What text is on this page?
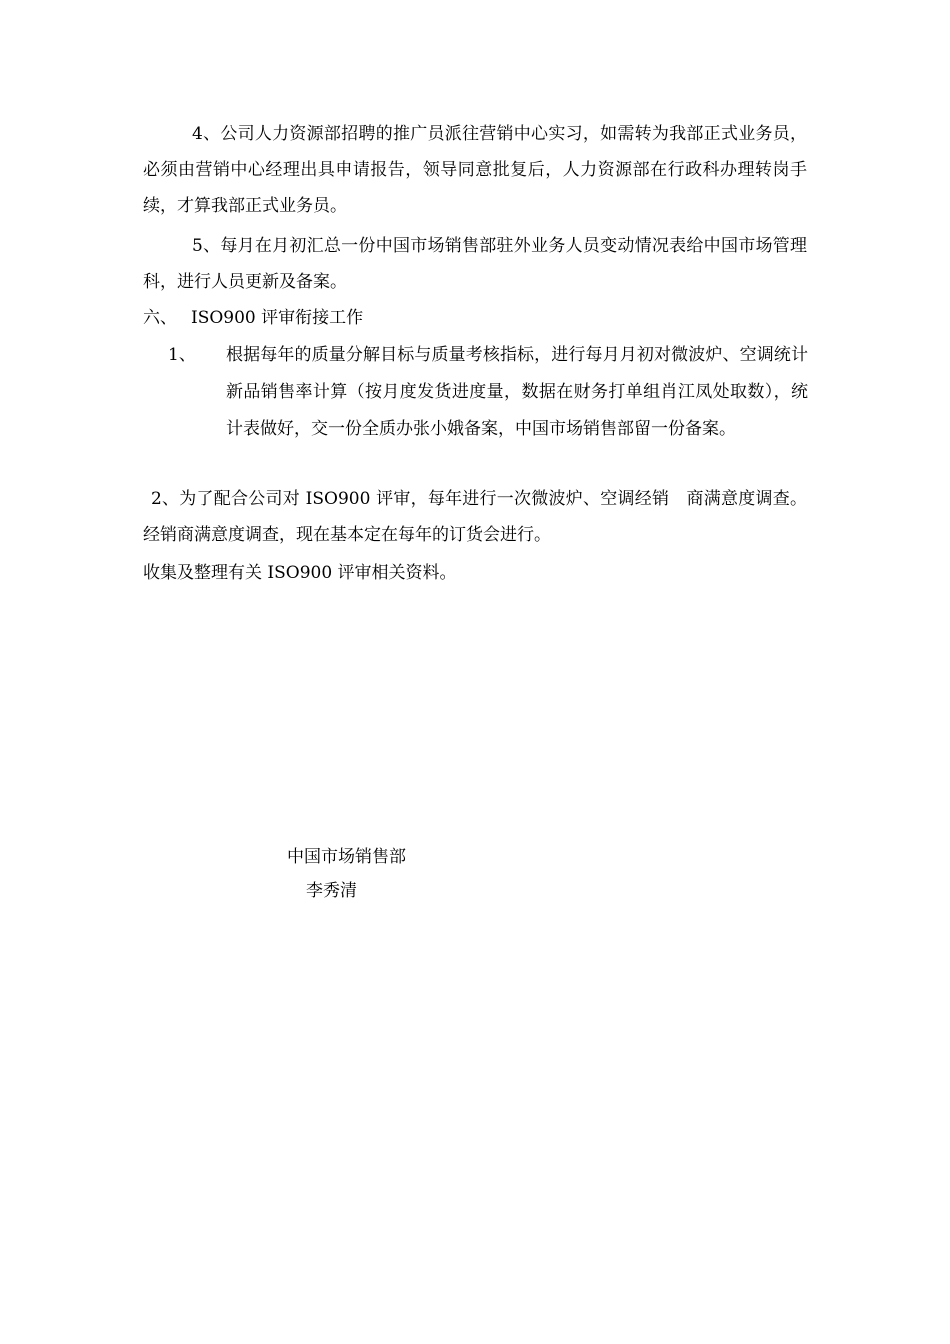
4、公司人力资源部招聘的推广员派往营销中心实习，如需转为我部正式业务员，必须由营销中心经理出具申请报告，领导同意批复后，人力资源部在行政科办理转岗手续，才算我部正式业务员。

5、每月在月初汇总一份中国市场销售部驻外业务人员变动情况表给中国市场管理科，进行人员更新及备案。

六、 ISO900 评审衔接工作
1、 根据每年的质量分解目标与质量考核指标，进行每月月初对微波炉、空调统计新品销售率计算（按月度发货进度量，数据在财务打单组肖江凤处取数），统计表做好，交一份全质办张小娥备案，中国市场销售部留一份备案。

2、为了配合公司对 ISO900 评审，每年进行一次微波炉、空调经销　商满意度调查。经销商满意度调查，现在基本定在每年的订货会进行。

收集及整理有关 ISO900 评审相关资料。
中国市场销售部
李秀清
